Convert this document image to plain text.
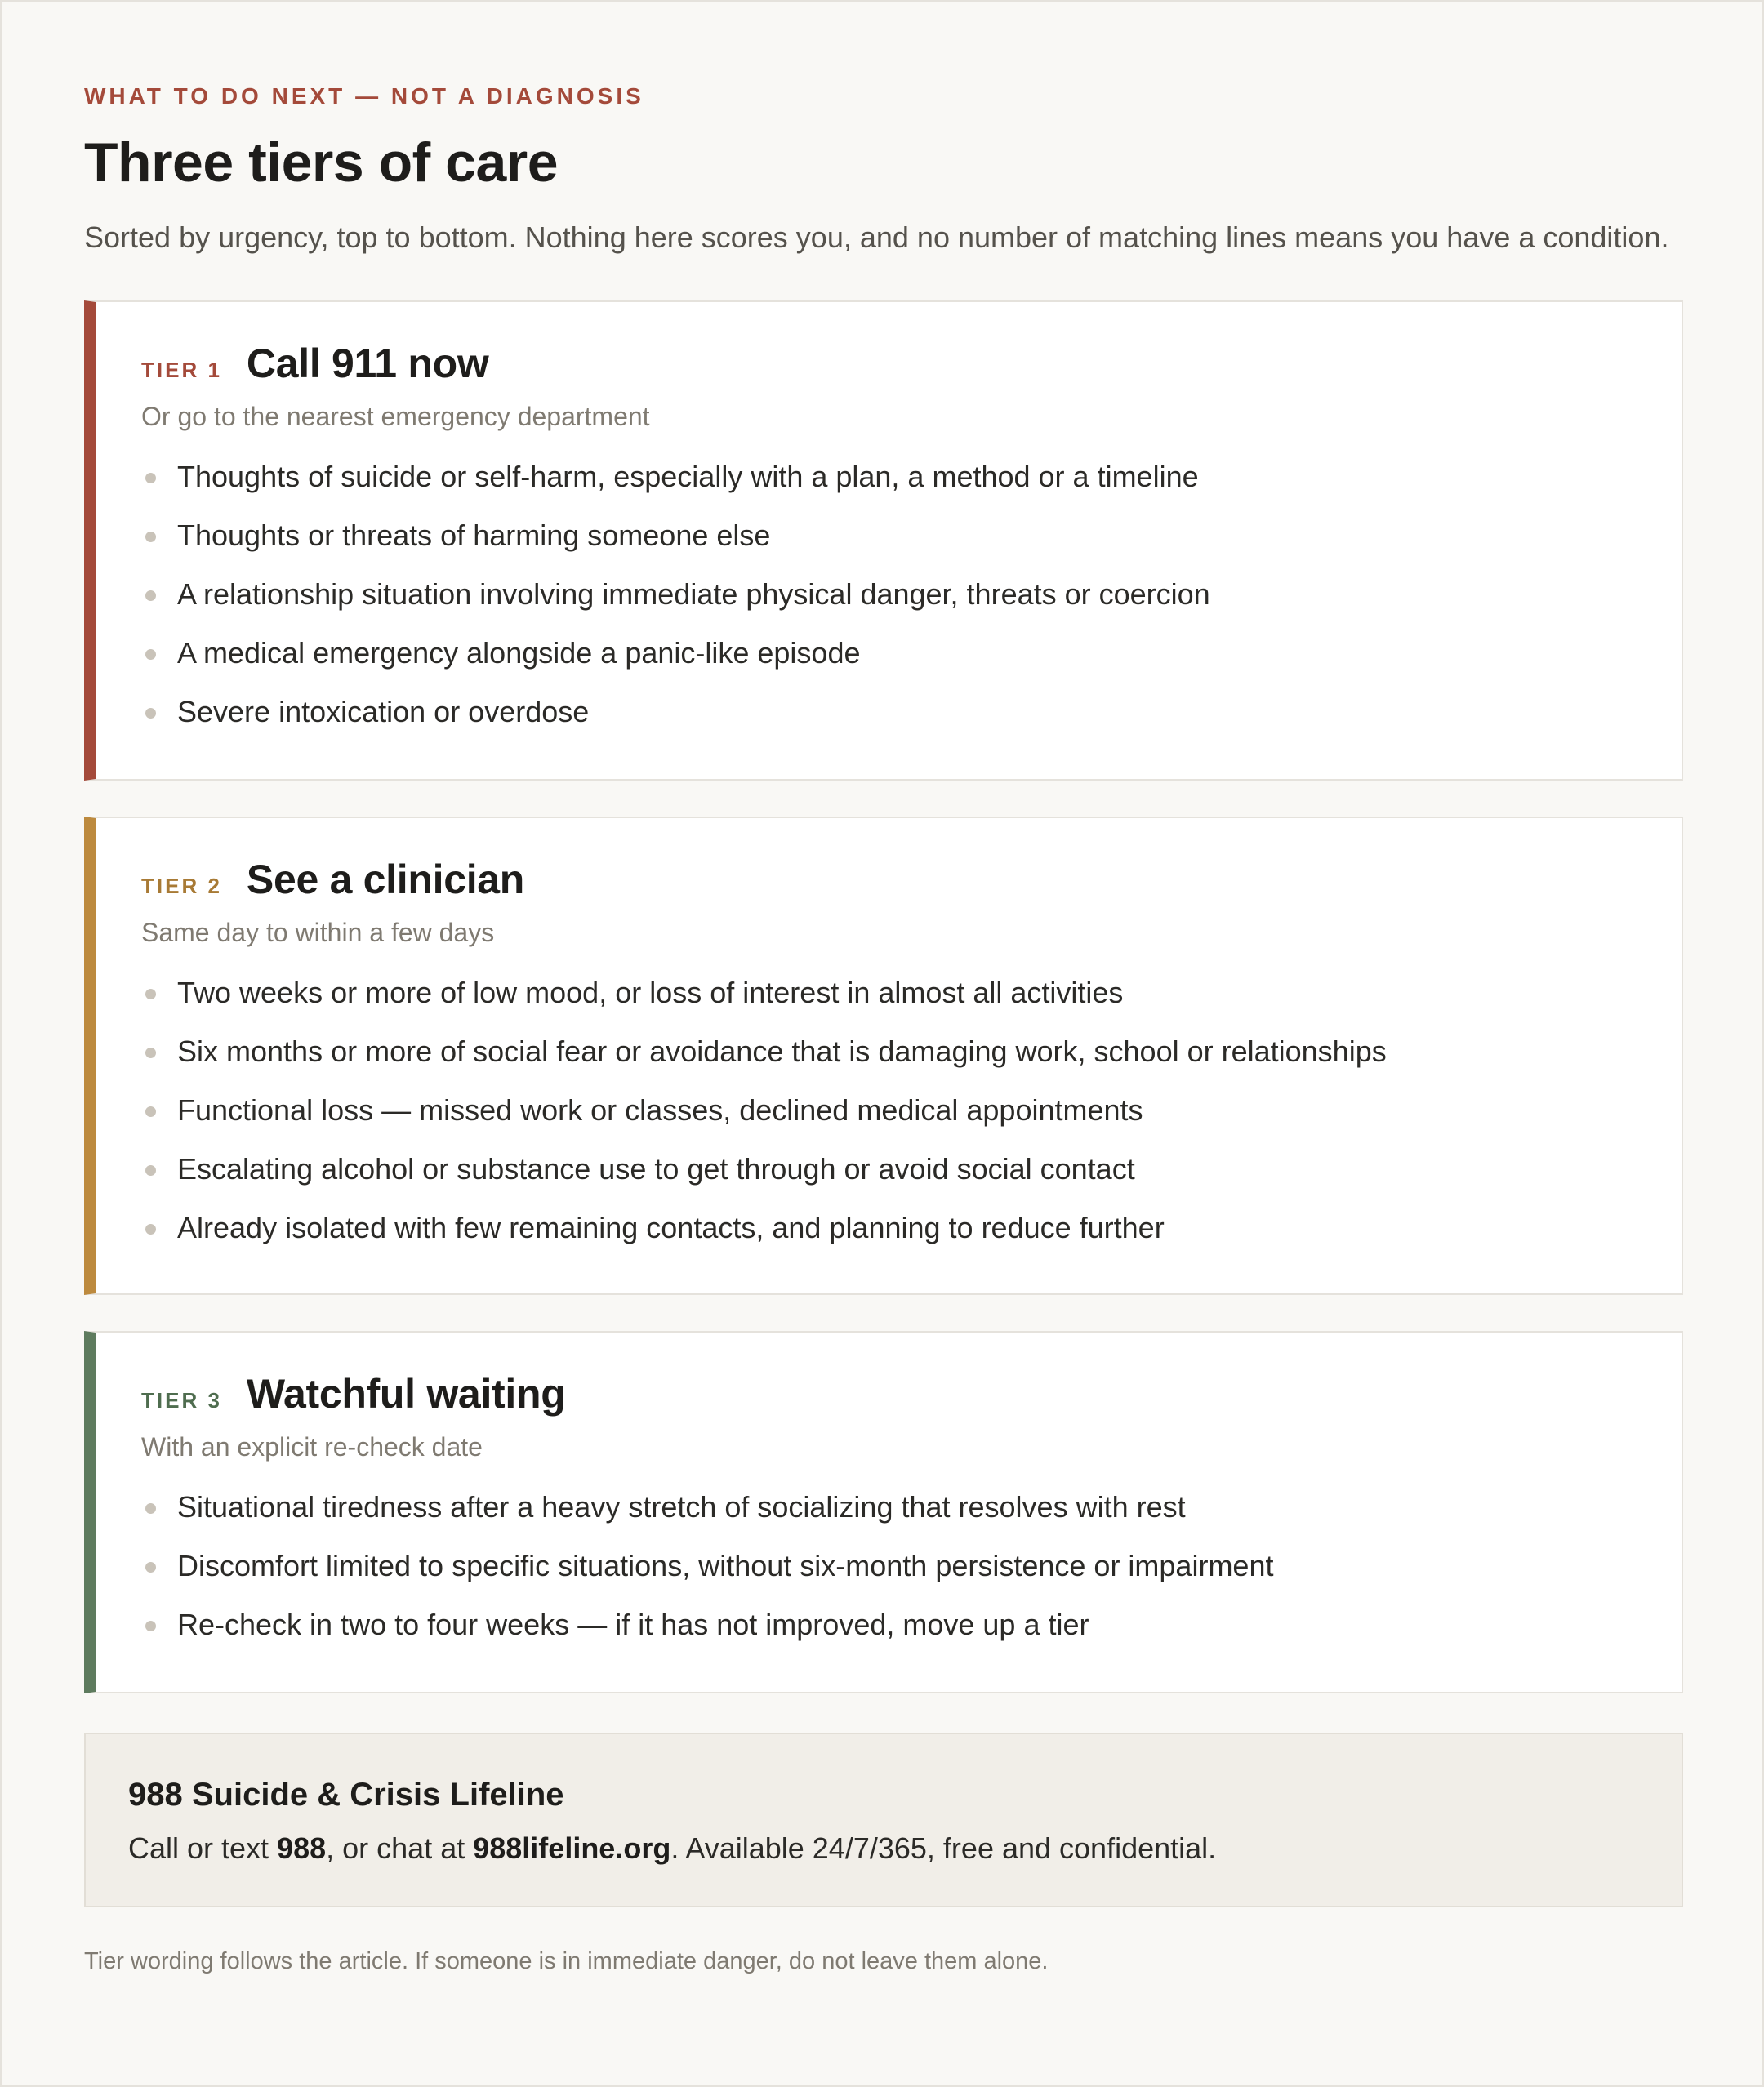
WHAT TO DO NEXT — NOT A DIAGNOSIS
Three tiers of care

Sorted by urgency, top to bottom. Nothing here scores you, and no number of matching lines means you have a condition.

TIER 1 Call 911 now

Or go to the nearest emergency department

Thoughts of suicide or self-harm, especially with a plan, a method or a timeline
Thoughts or threats of harming someone else
A relationship situation involving immediate physical danger, threats or coercion
A medical emergency alongside a panic-like episode
Severe intoxication or overdose
TIER 2 See a clinician

Same day to within a few days

Two weeks or more of low mood, or loss of interest in almost all activities
Six months or more of social fear or avoidance that is damaging work, school or relationships
Functional loss — missed work or classes, declined medical appointments
Escalating alcohol or substance use to get through or avoid social contact
Already isolated with few remaining contacts, and planning to reduce further
TIER 3 Watchful waiting

With an explicit re-check date

Situational tiredness after a heavy stretch of socializing that resolves with rest
Discomfort limited to specific situations, without six-month persistence or impairment
Re-check in two to four weeks — if it has not improved, move up a tier
988 Suicide & Crisis Lifeline

Call or text 988, or chat at 988lifeline.org. Available 24/7/365, free and confidential.

Tier wording follows the article. If someone is in immediate danger, do not leave them alone.
